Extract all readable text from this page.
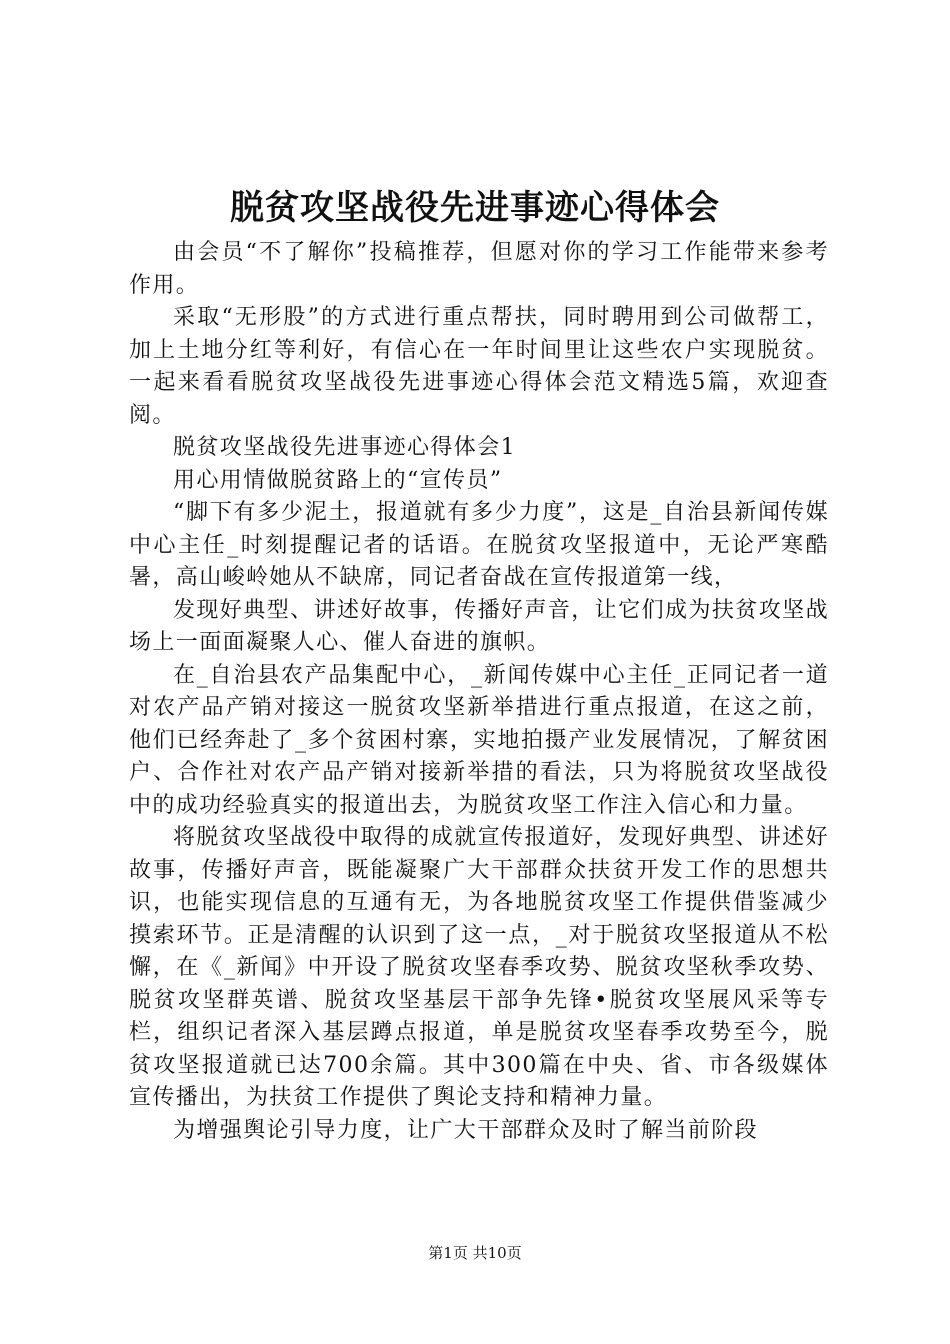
脱贫攻坚战役先进事迹心得体会

由会员“不了解你”投稿推荐，但愿对你的学习工作能带来参考作用。

采取“无形股”的方式进行重点帮扶，同时聘用到公司做帮工，加上土地分红等利好，有信心在一年时间里让这些农户实现脱贫。一起来看看脱贫攻坚战役先进事迹心得体会范文精选5篇，欢迎查阅。

脱贫攻坚战役先进事迹心得体会1

用心用情做脱贫路上的“宣传员”

“脚下有多少泥土，报道就有多少力度”，这是_自治县新闻传媒中心主任_时刻提醒记者的话语。在脱贫攻坚报道中，无论严寒酷暑，高山峻岭她从不缺席，同记者奋战在宣传报道第一线，

发现好典型、讲述好故事，传播好声音，让它们成为扶贫攻坚战场上一面面凝聚人心、催人奋进的旗帜。

在_自治县农产品集配中心，_新闻传媒中心主任_正同记者一道对农产品产销对接这一脱贫攻坚新举措进行重点报道，在这之前，他们已经奔赴了_多个贫困村寨，实地拍摄产业发展情况，了解贫困户、合作社对农产品产销对接新举措的看法，只为将脱贫攻坚战役中的成功经验真实的报道出去，为脱贫攻坚工作注入信心和力量。

将脱贫攻坚战役中取得的成就宣传报道好，发现好典型、讲述好故事，传播好声音，既能凝聚广大干部群众扶贫开发工作的思想共识，也能实现信息的互通有无，为各地脱贫攻坚工作提供借鉴减少摸索环节。正是清醒的认识到了这一点，_对于脱贫攻坚报道从不松懈，在《_新闻》中开设了脱贫攻坚春季攻势、脱贫攻坚秋季攻势、脱贫攻坚群英谱、脱贫攻坚基层干部争先锋•脱贫攻坚展风采等专栏，组织记者深入基层蹲点报道，单是脱贫攻坚春季攻势至今，脱贫攻坚报道就已达700余篇。其中300篇在中央、省、市各级媒体宣传播出，为扶贫工作提供了舆论支持和精神力量。

为增强舆论引导力度，让广大干部群众及时了解当前阶段

第1页 共10页
